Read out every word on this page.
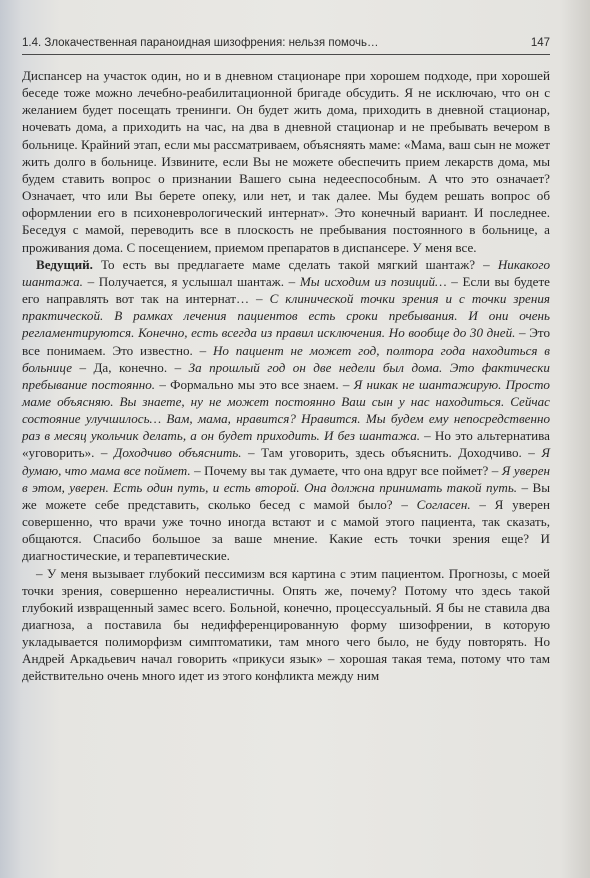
1.4. Злокачественная параноидная шизофрения: нельзя помочь…	147

Диспансер на участок один, но и в дневном стационаре при хорошем подходе, при хорошей беседе тоже можно лечебно-реабилитационной бригаде обсудить. Я не исключаю, что он с желанием будет посещать тренинги. Он будет жить дома, приходить в дневной стационар, ночевать дома, а приходить на час, на два в дневной стационар и не пребывать вечером в больнице. Крайний этап, если мы рассматриваем, объясняять маме: «Мама, ваш сын не может жить долго в больнице. Извините, если Вы не можете обеспечить прием лекарств дома, мы будем ставить вопрос о признании Вашего сына недееспособным. А что это означает? Означает, что или Вы берете опеку, или нет, и так далее. Мы будем решать вопрос об оформлении его в психоневрологический интернат». Это конечный вариант. И последнее. Беседуя с мамой, переводить все в плоскость не пребывания постоянного в больнице, а проживания дома. С посещением, приемом препаратов в диспансере. У меня все.

Ведущий. То есть вы предлагаете маме сделать такой мягкий шантаж? – Никакого шантажа. – Получается, я услышал шантаж. – Мы исходим из позиций… – Если вы будете его направлять вот так на интернат… – С клинической точки зрения и с точки зрения практической. В рамках лечения пациентов есть сроки пребывания. И они очень регламентируются. Конечно, есть всегда из правил исключения. Но вообще до 30 дней. – Это все понимаем. Это известно. – Но пациент не может год, полтора года находиться в больнице – Да, конечно. – За прошлый год он две недели был дома. Это фактически пребывание постоянно. – Формально мы это все знаем. – Я никак не шантажирую. Просто маме объясняю. Вы знаете, ну не может постоянно Ваш сын у нас находиться. Сейчас состояние улучшилось… Вам, мама, нравится? Нравится. Мы будем ему непосредственно раз в месяц укольчик делать, а он будет приходить. И без шантажа. – Но это альтернатива «уговорить». – Доходчиво объяснить. – Там уговорить, здесь объяснить. Доходчиво. – Я думаю, что мама все поймет. – Почему вы так думаете, что она вдруг все поймет? – Я уверен в этом, уверен. Есть один путь, и есть второй. Она должна принимать такой путь. – Вы же можете себе представить, сколько бесед с мамой было? – Согласен. – Я уверен совершенно, что врачи уже точно иногда встают и с мамой этого пациента, так сказать, общаются. Спасибо большое за ваше мнение. Какие есть точки зрения еще? И диагностические, и терапевтические.

– У меня вызывает глубокий пессимизм вся картина с этим пациентом. Прогнозы, с моей точки зрения, совершенно нереалистичны. Опять же, почему? Потому что здесь такой глубокий извращенный замес всего. Больной, конечно, процессуальный. Я бы не ставила два диагноза, а поставила бы недифференцированную форму шизофрении, в которую укладывается полиморфизм симптоматики, там много чего было, не буду повторять. Но Андрей Аркадьевич начал говорить «прикуси язык» – хорошая такая тема, потому что там действительно очень много идет из этого конфликта между ним
